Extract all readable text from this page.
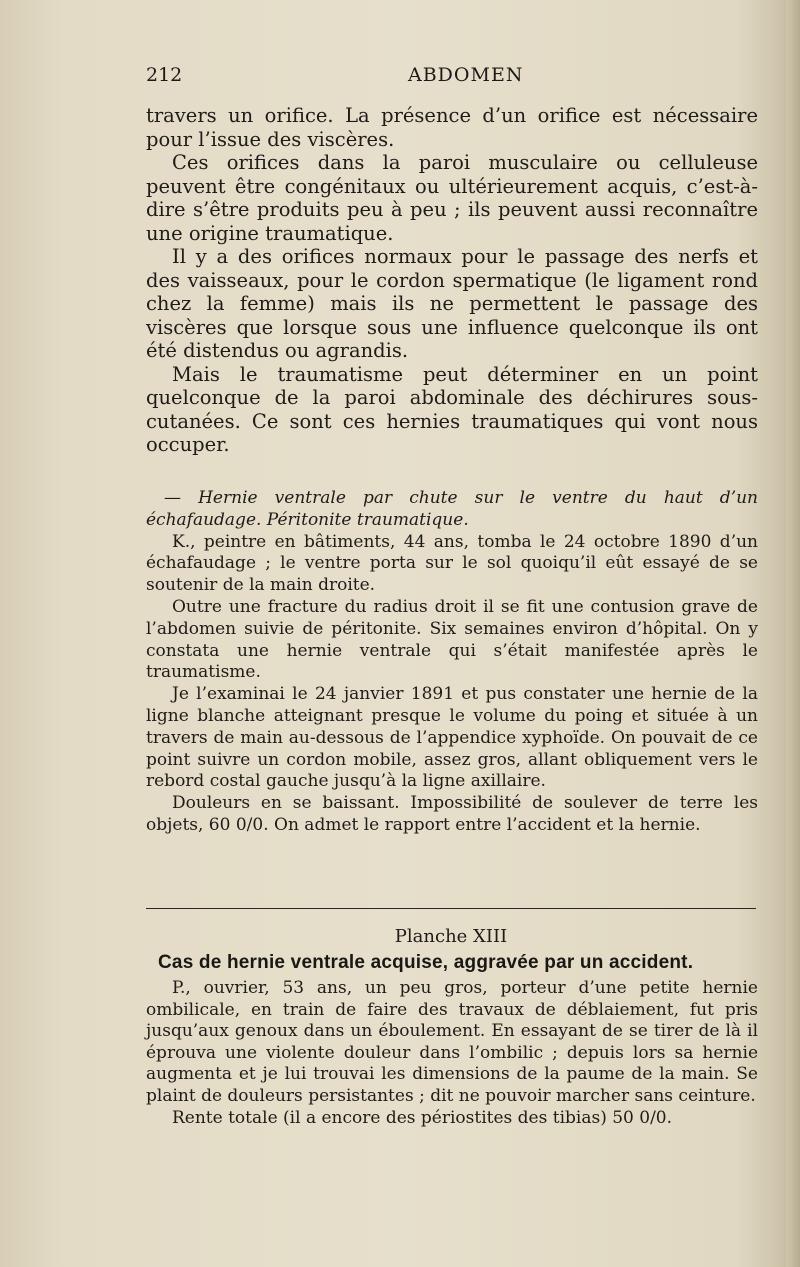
212	ABDOMEN

travers un orifice. La présence d’un orifice est nécessaire pour l’issue des viscères.

Ces orifices dans la paroi musculaire ou celluleuse peuvent être congénitaux ou ultérieurement acquis, c’est-à-dire s’être produits peu à peu ; ils peuvent aussi reconnaître une origine traumatique.

Il y a des orifices normaux pour le passage des nerfs et des vaisseaux, pour le cordon spermatique (le ligament rond chez la femme) mais ils ne permettent le passage des viscères que lorsque sous une influence quelconque ils ont été distendus ou agrandis.

Mais le traumatisme peut déterminer en un point quelconque de la paroi abdominale des déchirures sous-cutanées. Ce sont ces hernies traumatiques qui vont nous occuper.

— Hernie ventrale par chute sur le ventre du haut d’un échafaudage. Péritonite traumatique.

K., peintre en bâtiments, 44 ans, tomba le 24 octobre 1890 d’un échafaudage ; le ventre porta sur le sol quoiqu’il eût essayé de se soutenir de la main droite.

Outre une fracture du radius droit il se fit une contusion grave de l’abdomen suivie de péritonite. Six semaines environ d’hôpital. On y constata une hernie ventrale qui s’était manifestée après le traumatisme.

Je l’examinai le 24 janvier 1891 et pus constater une hernie de la ligne blanche atteignant presque le volume du poing et située à un travers de main au-dessous de l’appendice xyphoïde. On pouvait de ce point suivre un cordon mobile, assez gros, allant obliquement vers le rebord costal gauche jusqu’à la ligne axillaire.

Douleurs en se baissant. Impossibilité de soulever de terre les objets, 60 0/0. On admet le rapport entre l’accident et la hernie.

Planche XIII
Cas de hernie ventrale acquise, aggravée par un accident.

P., ouvrier, 53 ans, un peu gros, porteur d’une petite hernie ombilicale, en train de faire des travaux de déblaiement, fut pris jusqu’aux genoux dans un éboulement. En essayant de se tirer de là il éprouva une violente douleur dans l’ombilic ; depuis lors sa hernie augmenta et je lui trouvai les dimensions de la paume de la main. Se plaint de douleurs persistantes ; dit ne pouvoir marcher sans ceinture.

Rente totale (il a encore des périostites des tibias) 50 0/0.
